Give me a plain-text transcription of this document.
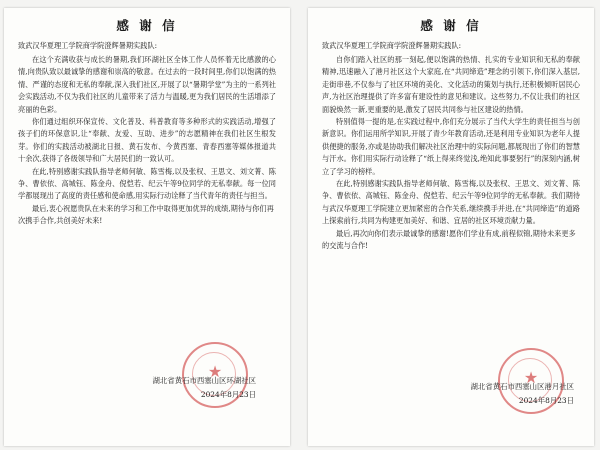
感 谢 信
致武汉华夏理工学院商学院澄辉暑期实践队:
在这个充满收获与成长的暑期,我们环湖社区全体工作人员怀着无比感激的心情,向贵队致以最诚挚的感谢和崇高的敬意。在过去的一段时间里,你们以饱满的热情、严谨的态度和无私的奉献,深入我们社区,开展了以“暑期学堂”为主的一系列社会实践活动,不仅为我们社区的儿童带来了活力与温暖,更为我们居民的生活增添了亮丽的色彩。
你们通过组织环保宣传、文化普及、科普教育等多种形式的实践活动,增强了孩子们的环保意识,让“奉献、友爱、互助、进步”的志愿精神在我们社区生根发芽。你们的实践活动被湖北日报、黄石发布、今黄西塞、青春西塞等媒体报道共十余次,获得了各级领导和广大居民们的一致认可。
在此,特别感谢实践队指导老师何敏、陈雪梅,以及张权、王思文、刘文菁、陈争、曹依依、高城钰、陈金舟、倪恺若、纪云午等9位同学的无私奉献。每一位同学都展现出了高度的责任感和使命感,用实际行动诠释了当代青年的责任与担当。
最后,衷心祝愿贵队在未来的学习和工作中取得更加优异的成绩,期待与你们再次携手合作,共创美好未来!
★
湖北省黄石市西塞山区环湖社区
2024年8月23日
感 谢 信
致武汉华夏理工学院商学院澄辉暑期实践队:
自你们踏入社区的那一刻起,便以饱满的热情、扎实的专业知识和无私的奉献精神,迅速融入了港月社区这个大家庭,在“共同缔造”理念的引领下,你们深入基层,走街串巷,不仅参与了社区环境的美化、文化活动的策划与执行,还积极倾听居民心声,为社区治理提供了许多富有建设性的意见和建议。这些努力,不仅让我们的社区面貌焕然一新,更重要的是,激发了居民共同参与社区建设的热情。
特别值得一提的是,在实践过程中,你们充分展示了当代大学生的责任担当与创新意识。你们运用所学知识,开展了青少年教育活动,还是利用专业知识为老年人提供便捷的服务,亦或是协助我们解决社区治理中的实际问题,都展现出了你们的智慧与汗水。你们用实际行动诠释了“纸上得来终觉浅,绝知此事要躬行”的深刻内涵,树立了学习的榜样。
在此,特别感谢实践队指导老师何敏、陈雪梅,以及张权、王思文、刘文菁、陈争、曹依依、高城钰、陈金舟、倪恺若、纪云午等9位同学的无私奉献。我们期待与武汉华夏理工学院建立更加紧密的合作关系,继续携手并进,在“共同缔造”的道路上探索前行,共同为构建更加美好、和谐、宜居的社区环境贡献力量。
最后,再次向你们表示最诚挚的感谢!愿你们学业有成,前程似锦,期待未来更多的交流与合作!
★
湖北省黄石市西塞山区港月社区
2024年8月23日
